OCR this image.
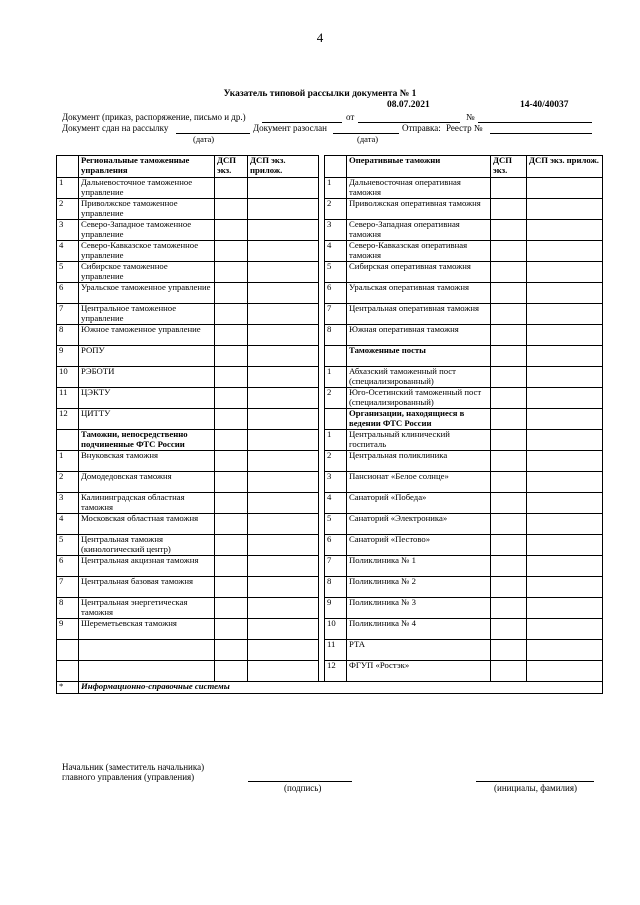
4
Указатель типовой рассылки документа № 1
08.07.2021	14-40/40037
Документ (приказ, распоряжение, письмо и др.)	от	№
Документ сдан на рассылку	Документ разослан	Отправка: Реестр №
(дата)	(дата)
	Региональные таможенные управления	ДСП экз.	ДСП экз. прилож.			Оперативные таможни	ДСП экз.	ДСП экз. прилож.
1	Дальневосточное таможенное управление				1	Дальневосточная оперативная таможня		
2	Приволжское таможенное управление				2	Приволжская оперативная таможня		
3	Северо-Западное таможенное управление				3	Северо-Западная оперативная таможня		
4	Северо-Кавказское таможенное управление				4	Северо-Кавказская оперативная таможня		
5	Сибирское таможенное управление				5	Сибирская оперативная таможня		
6	Уральское таможенное управление				6	Уральская оперативная таможня		
7	Центральное таможенное управление				7	Центральная оперативная таможня		
8	Южное таможенное управление				8	Южная оперативная таможня		
9	РОПУ					Таможенные посты		
10	РЭБОТИ				1	Абхазский таможенный пост (специализированный)		
11	ЦЭКТУ				2	Юго-Осетинский таможенный пост (специализированный)		
12	ЦИТТУ					Организации, находящиеся в ведении ФТС России		
	Таможни, непосредственно подчиненные ФТС России				1	Центральный клинический госпиталь		
1	Внуковская таможня				2	Центральная поликлиника		
2	Домодедовская таможня				3	Пансионат «Белое солнце»		
3	Калининградская областная таможня				4	Санаторий «Победа»		
4	Московская областная таможня				5	Санаторий «Электроника»		
5	Центральная таможня (кинологический центр)				6	Санаторий «Пестово»		
6	Центральная акцизная таможня				7	Поликлиника № 1		
7	Центральная базовая таможня				8	Поликлиника № 2		
8	Центральная энергетическая таможня				9	Поликлиника № 3		
9	Шереметьевская таможня				10	Поликлиника № 4		
					11	РТА		
					12	ФГУП «Ростэк»		
*	Информационно-справочные системы							
Начальник (заместитель начальника)
главного управления (управления)
(подпись)	(инициалы, фамилия)
